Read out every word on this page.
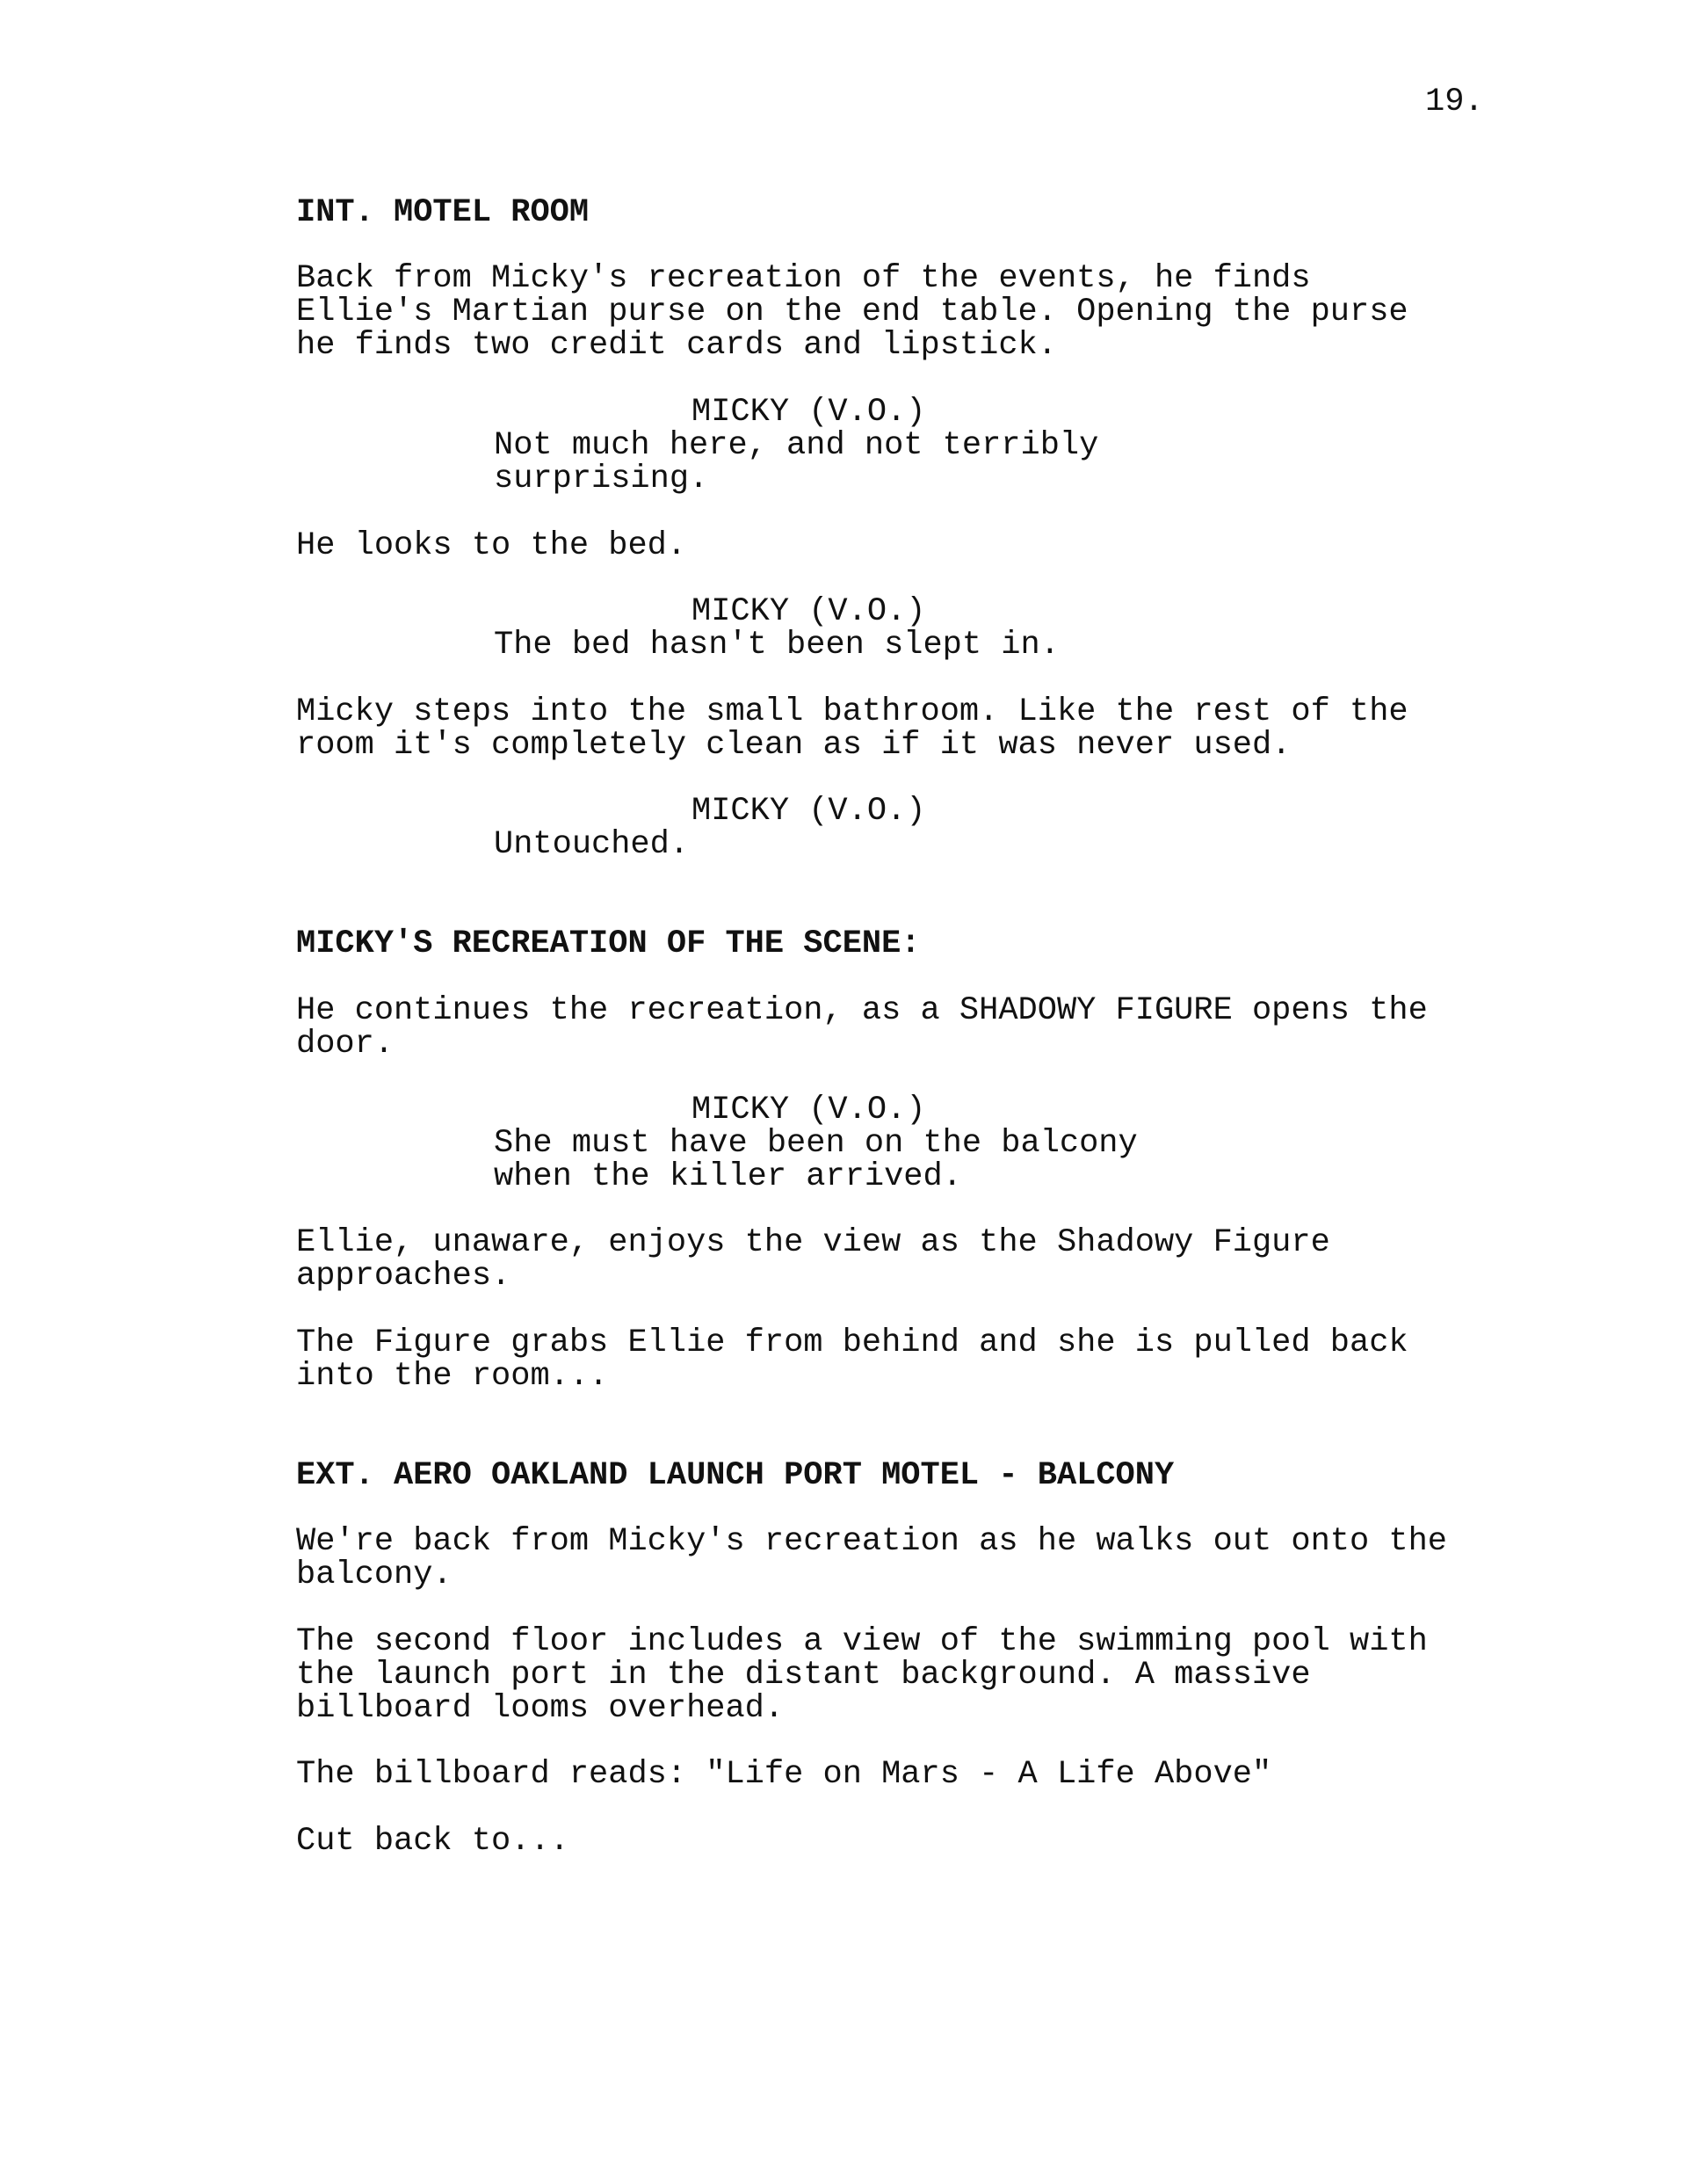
19.
INT. MOTEL ROOM
Back from Micky's recreation of the events, he finds
Ellie's Martian purse on the end table. Opening the purse
he finds two credit cards and lipstick.
MICKY (V.O.)
Not much here, and not terribly
surprising.
He looks to the bed.
MICKY (V.O.)
The bed hasn't been slept in.
Micky steps into the small bathroom. Like the rest of the
room it's completely clean as if it was never used.
MICKY (V.O.)
Untouched.
MICKY'S RECREATION OF THE SCENE:
He continues the recreation, as a SHADOWY FIGURE opens the
door.
MICKY (V.O.)
She must have been on the balcony
when the killer arrived.
Ellie, unaware, enjoys the view as the Shadowy Figure
approaches.
The Figure grabs Ellie from behind and she is pulled back
into the room...
EXT. AERO OAKLAND LAUNCH PORT MOTEL - BALCONY
We're back from Micky's recreation as he walks out onto the
balcony.
The second floor includes a view of the swimming pool with
the launch port in the distant background. A massive
billboard looms overhead.
The billboard reads: "Life on Mars - A Life Above"
Cut back to...
